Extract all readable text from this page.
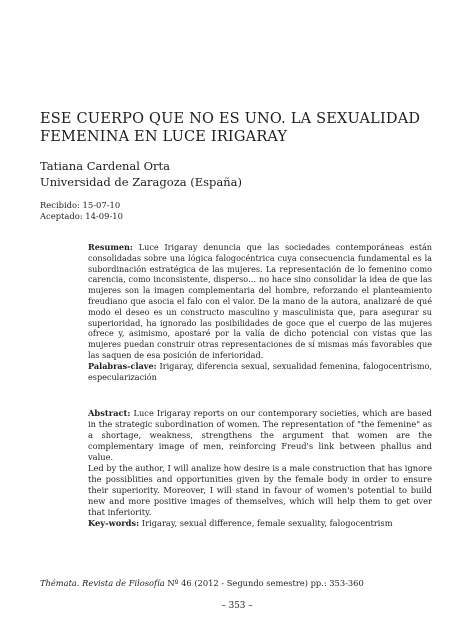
ESE CUERPO QUE NO ES UNO. LA SEXUALIDAD FEMENINA EN LUCE IRIGARAY
Tatiana Cardenal Orta
Universidad de Zaragoza (España)
Recibido: 15-07-10
Aceptado: 14-09-10

Resumen: Luce Irigaray denuncia que las sociedades contemporáneas están consolidadas sobre una lógica falogocéntrica cuya consecuencia fundamental es la subordinación estratégica de las mujeres. La representación de lo femenino como carencia, como inconsistente, disperso… no hace sino consolidar la idea de que las mujeres son la imagen complementaria del hombre, reforzando el planteamiento freudiano que asocia el falo con el valor. De la mano de la autora, analizaré de qué modo el deseo es un constructo masculino y masculinista que, para asegurar su superioridad, ha ignorado las posibilidades de goce que el cuerpo de las mujeres ofrece y, asimismo, apostaré por la valía de dicho potencial con vistas que las mujeres puedan construir otras representaciones de sí mismas más favorables que las saquen de esa posición de inferioridad.

Palabras-clave: Irigaray, diferencia sexual, sexualidad femenina, falogocentrismo, especularización

Abstract: Luce Irigaray reports on our contemporary societies, which are based in the strategic subordination of women. The representation of "the femenine" as a shortage, weakness, strengthens the argument that women are the complementary image of men, reinforcing Freud's link between phallus and value.

Led by the author, I will analize how desire is a male construction that has ignore the possiblities and opportunities given by the female body in order to ensure their superiority. Moreover, I will stand in favour of women's potential to build new and more positive images of themselves, which will help them to get over that inferiority.

Key-words: Irigaray, sexual difference, female sexuality, falogocentrism

Thémata. Revista de Filosofía Nº 46 (2012 - Segundo semestre) pp.: 353-360
– 353 –
